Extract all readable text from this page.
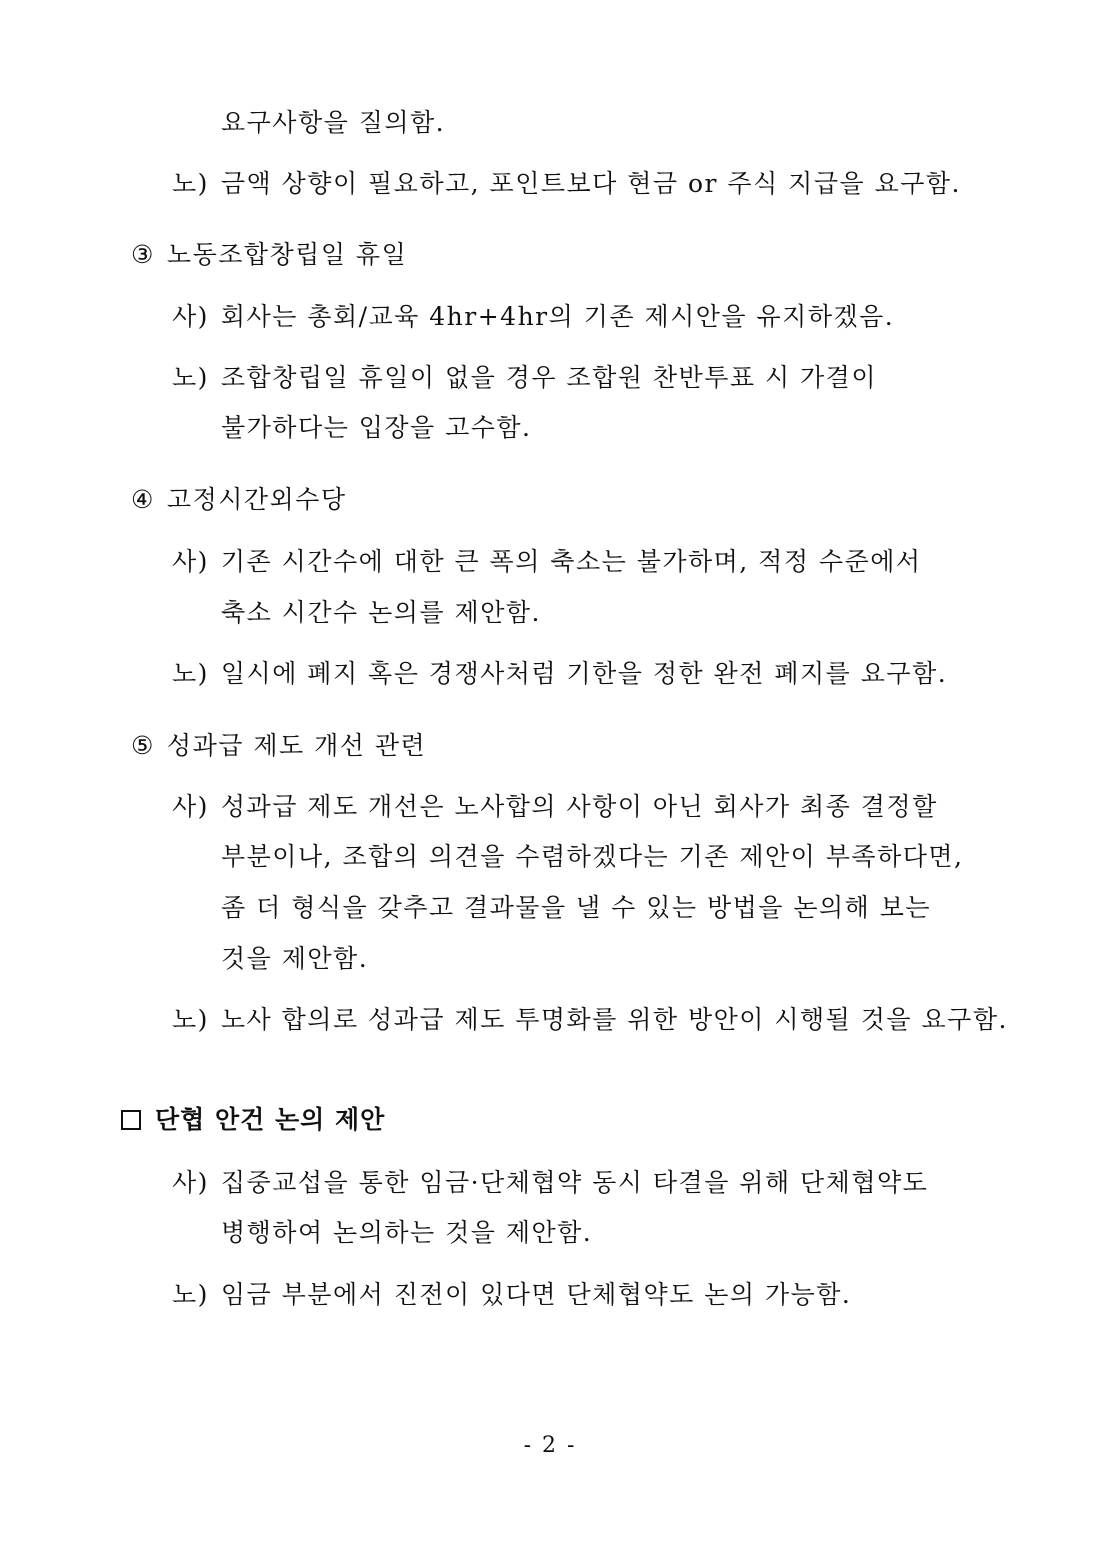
요구사항을 질의함.
노) 금액 상향이 필요하고, 포인트보다 현금 or 주식 지급을 요구함.
③ 노동조합창립일 휴일
사) 회사는 총회/교육 4hr+4hr의 기존 제시안을 유지하겠음.
노) 조합창립일 휴일이 없을 경우 조합원 찬반투표 시 가결이
불가하다는 입장을 고수함.
④ 고정시간외수당
사) 기존 시간수에 대한 큰 폭의 축소는 불가하며, 적정 수준에서
축소 시간수 논의를 제안함.
노) 일시에 폐지 혹은 경쟁사처럼 기한을 정한 완전 폐지를 요구함.
⑤ 성과급 제도 개선 관련
사) 성과급 제도 개선은 노사합의 사항이 아닌 회사가 최종 결정할
부분이나, 조합의 의견을 수렴하겠다는 기존 제안이 부족하다면,
좀 더 형식을 갖추고 결과물을 낼 수 있는 방법을 논의해 보는
것을 제안함.
노) 노사 합의로 성과급 제도 투명화를 위한 방안이 시행될 것을 요구함.
단협 안건 논의 제안
사) 집중교섭을 통한 임금·단체협약 동시 타결을 위해 단체협약도
병행하여 논의하는 것을 제안함.
노) 임금 부분에서 진전이 있다면 단체협약도 논의 가능함.
- 2 -
